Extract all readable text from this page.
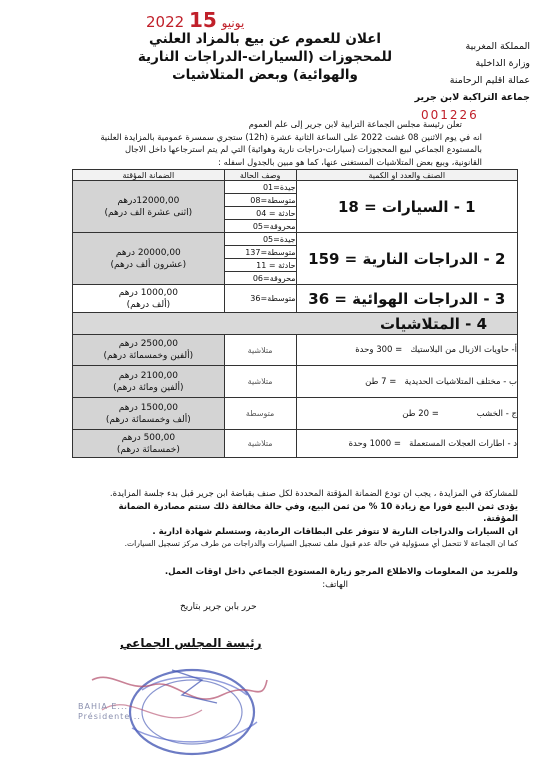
2022	يونيو 15
المملكة المغربية
وزارة الداخلية
عمالة اقليم الرحامنة
جماعة التراكبة لابن جرير
اعلان للعموم عن بيع بالمزاد العلني
للمحجوزات (السيارات-الدراجات النارية والهوائية) وبعض المتلاشيات
001226
تعلن رئيسة مجلس الجماعة الترابية لابن جرير إلى علم العموم
انه في يوم الاثنين 08 غشت 2022 على الساعة الثانية عشرة (12h) ستجري سمسرة عمومية بالمزايدة العلنية
بالمستودع الجماعي لبيع المحجوزات (سيارات-دراجات نارية وهوائية) التي لم يتم استرجاعها داخل الاجال
القانونية، وبيع بعض المتلاشيات المستغنى عنها، كما هو مبين بالجدول اسفله :
الصنف والعدد او الكمية	وصف الحالة	الضمانة المؤقتة
1 - السيارات = 18	جيدة=01	12000,00درهم
(اثنى عشرة الف درهم)

	متوسطة=08	
	حادثة = 04	
	محروقة=05	
2 - الدراجات النارية = 159	جيدة=05	20000,00 درهم
(عشرون ألف درهم)

	متوسطة=137	
	حادثة = 11	
	محروقة=06	
3 - الدراجات الهوائية = 36	متوسطة=36	1000,00 درهم
(ألف درهم)

4 - المتلاشيات		
أ- حاويات الازبال من البلاستيك   = 300 وحدة	متلاشية	2500,00 درهم
(ألفين وخمسمائة درهم)

ب - مختلف المتلاشيات الحديدية   = 7 طن	متلاشية	2100,00 درهم
(ألفين ومائة درهم)

ج - الخشب              = 20 طن	متوسطة	1500,00 درهم
(ألف وخمسمائة درهم)

د - اطارات العجلات المستعملة   = 1000 وحدة	متلاشية	500,00 درهم
(خمسمائة درهم)
للمشاركة في المزايدة ، يجب ان تودع الضمانة المؤقتة المحددة لكل صنف بقباضة ابن جرير قبل بدء جلسة المزايدة.
يؤدى ثمن البيع فورا مع زيادة 10 % من ثمن البيع، وفي حالة مخالفة ذلك ستتم مصادرة الضمانة المؤقتة.
ان السيارات والدراجات النارية لا تتوفر على البطاقات الرمادية، وستسلم شهادة ادارية .
كما ان الجماعة لا تتحمل أي مسؤولية في حالة عدم قبول ملف تسجيل السيارات والدراجات من طرف مركز تسجيل السيارات.
وللمزيد من المعلومات والاطلاع المرجو زيارة المستودع الجماعي داخل اوقات العمل.
الهاتف:
حرر بابن جرير بتاريخ
رئيسة المجلس الجماعي
BAHIA E... Présidente...
